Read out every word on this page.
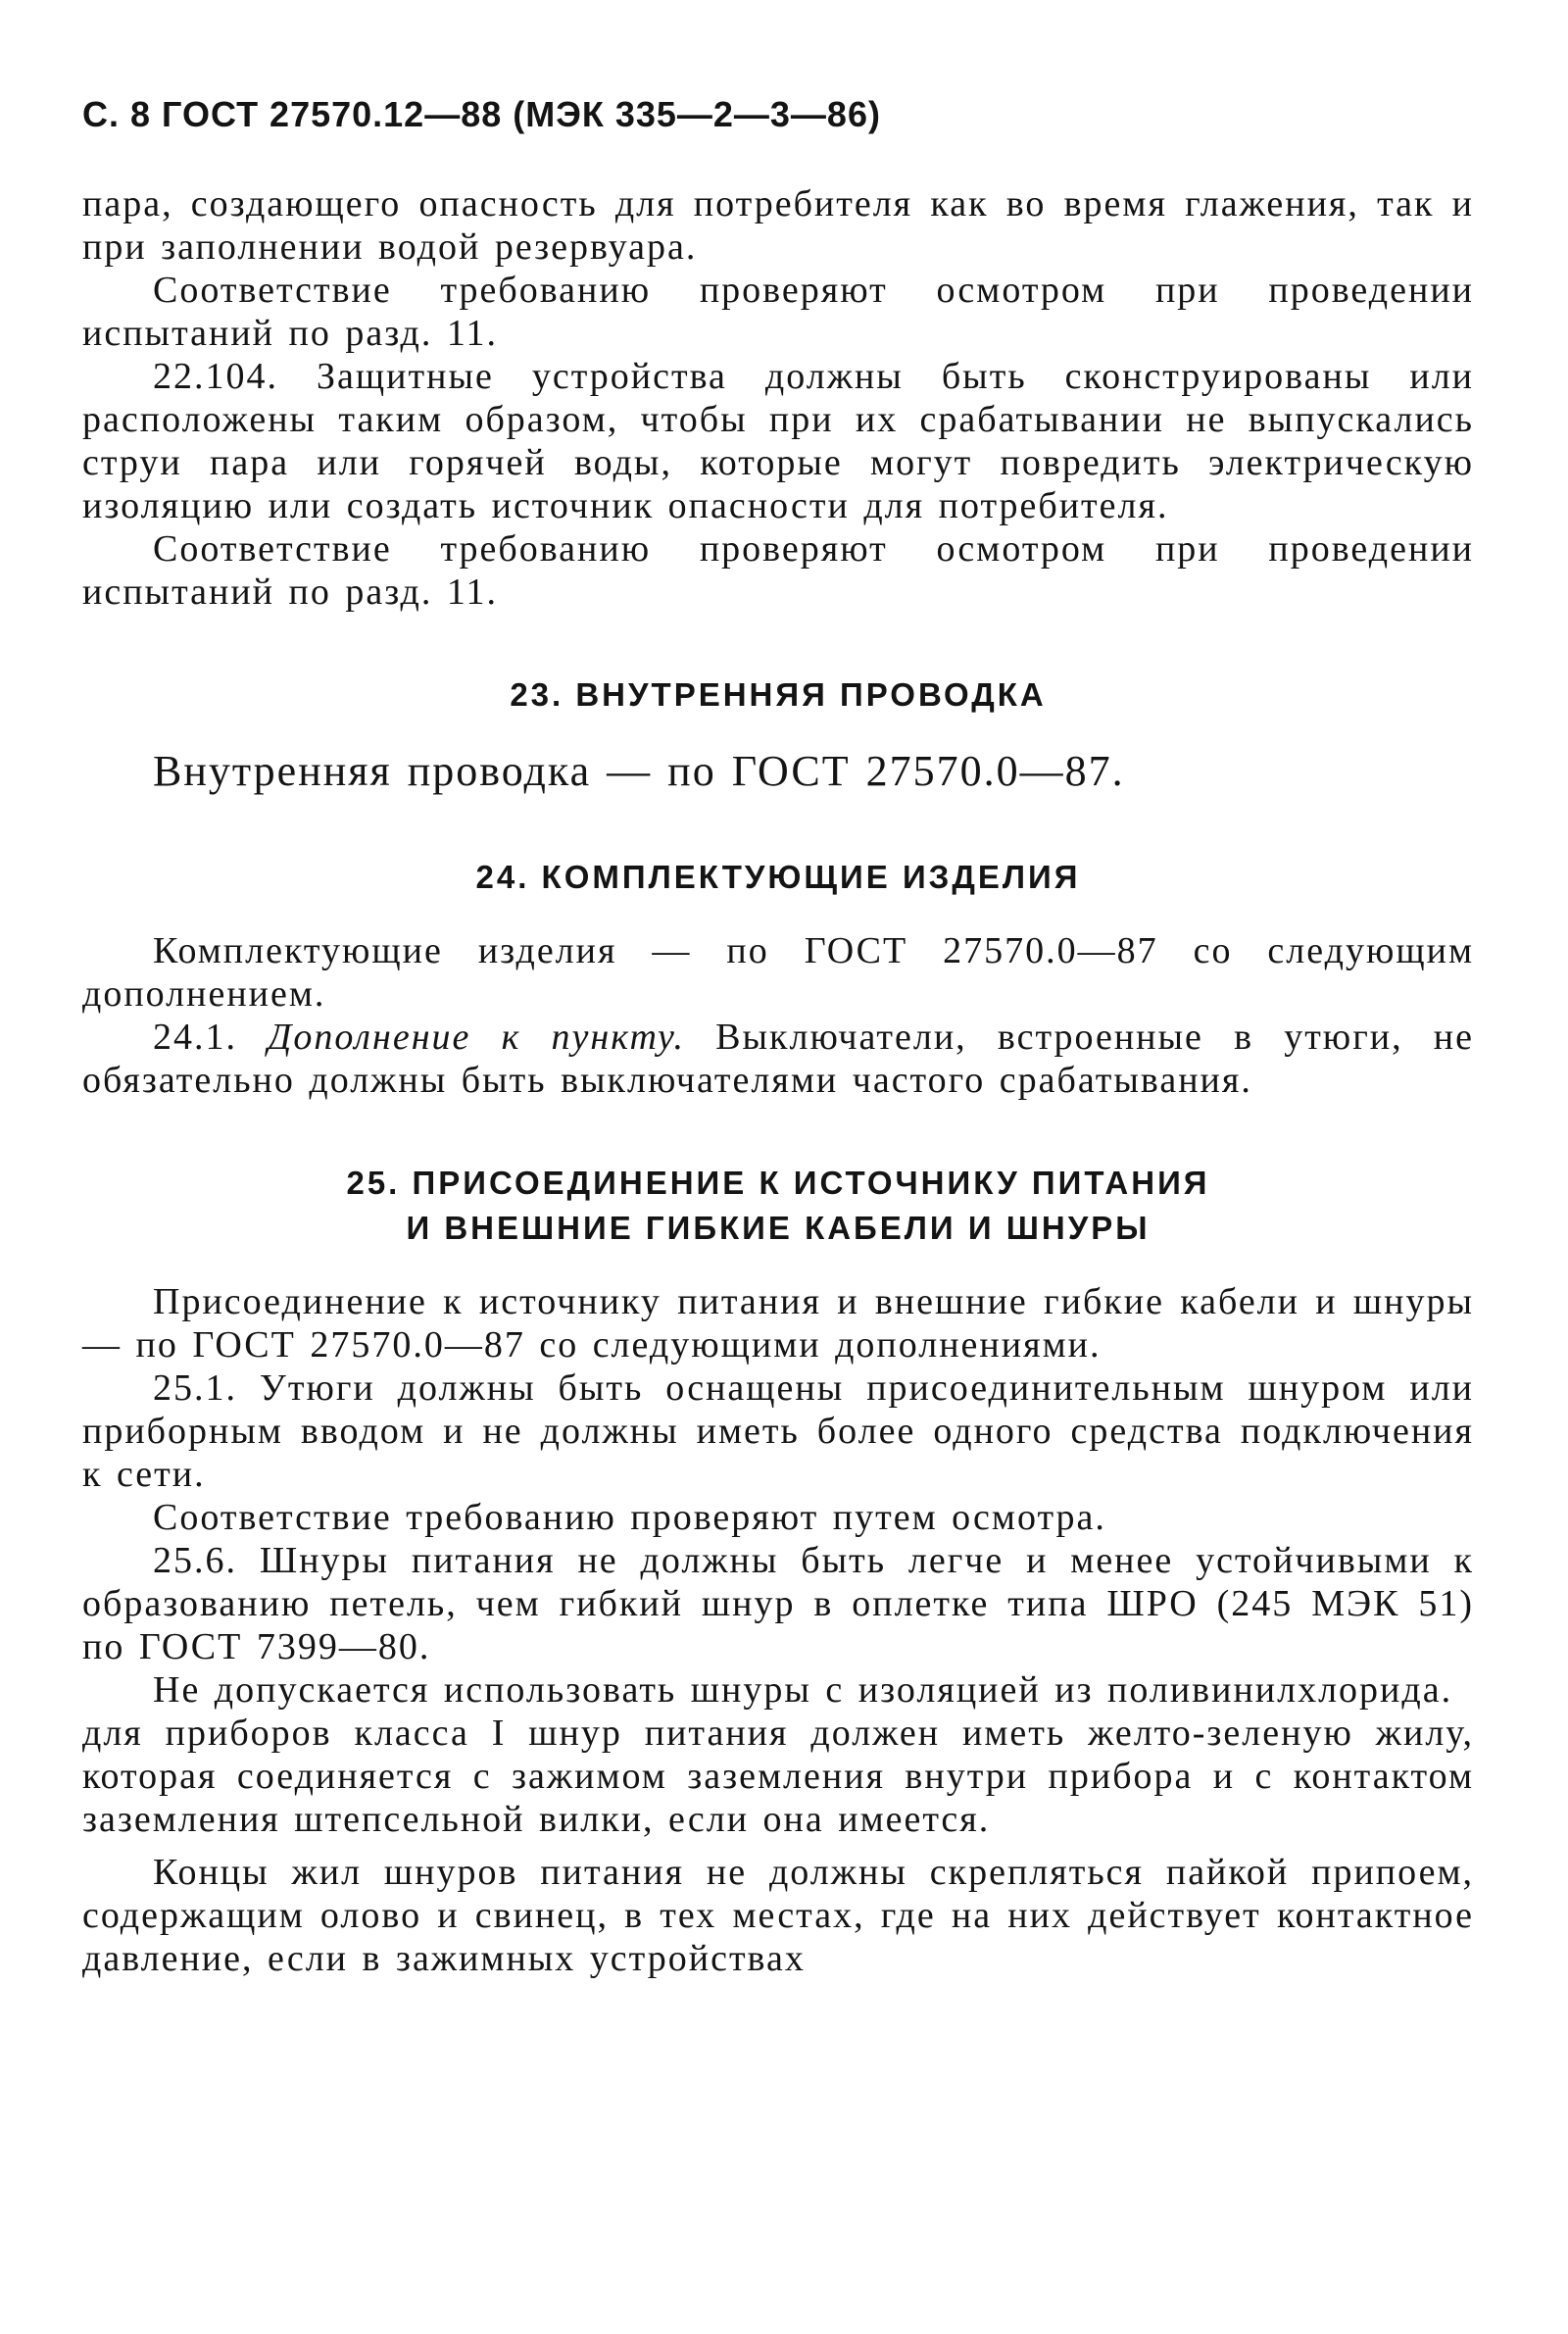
С. 8 ГОСТ 27570.12—88 (МЭК 335—2—3—86)

пара, создающего опасность для потребителя как во время глажения, так и при заполнении водой резервуара.

Соответствие требованию проверяют осмотром при проведении испытаний по разд. 11.

22.104. Защитные устройства должны быть сконструированы или расположены таким образом, чтобы при их срабатывании не выпускались струи пара или горячей воды, которые могут повредить электрическую изоляцию или создать источник опасности для потребителя.

Соответствие требованию проверяют осмотром при проведении испытаний по разд. 11.

23. ВНУТРЕННЯЯ ПРОВОДКА

Внутренняя проводка — по ГОСТ 27570.0—87.

24. КОМПЛЕКТУЮЩИЕ ИЗДЕЛИЯ

Комплектующие изделия — по ГОСТ 27570.0—87 со следующим дополнением.

24.1. Дополнение к пункту. Выключатели, встроенные в утюги, не обязательно должны быть выключателями частого срабатывания.

25. ПРИСОЕДИНЕНИЕ К ИСТОЧНИКУ ПИТАНИЯ
И ВНЕШНИЕ ГИБКИЕ КАБЕЛИ И ШНУРЫ

Присоединение к источнику питания и внешние гибкие кабели и шнуры — по ГОСТ 27570.0—87 со следующими дополнениями.

25.1. Утюги должны быть оснащены присоединительным шнуром или приборным вводом и не должны иметь более одного средства подключения к сети.

Соответствие требованию проверяют путем осмотра.

25.6. Шнуры питания не должны быть легче и менее устойчивыми к образованию петель, чем гибкий шнур в оплетке типа ШРО (245 МЭК 51) по ГОСТ 7399—80.

Не допускается использовать шнуры с изоляцией из поливинилхлорида.

для приборов класса I шнур питания должен иметь желто-зеленую жилу, которая соединяется с зажимом заземления внутри прибора и с контактом заземления штепсельной вилки, если она имеется.

Концы жил шнуров питания не должны скрепляться пайкой припоем, содержащим олово и свинец, в тех местах, где на них действует контактное давление, если в зажимных устройствах
